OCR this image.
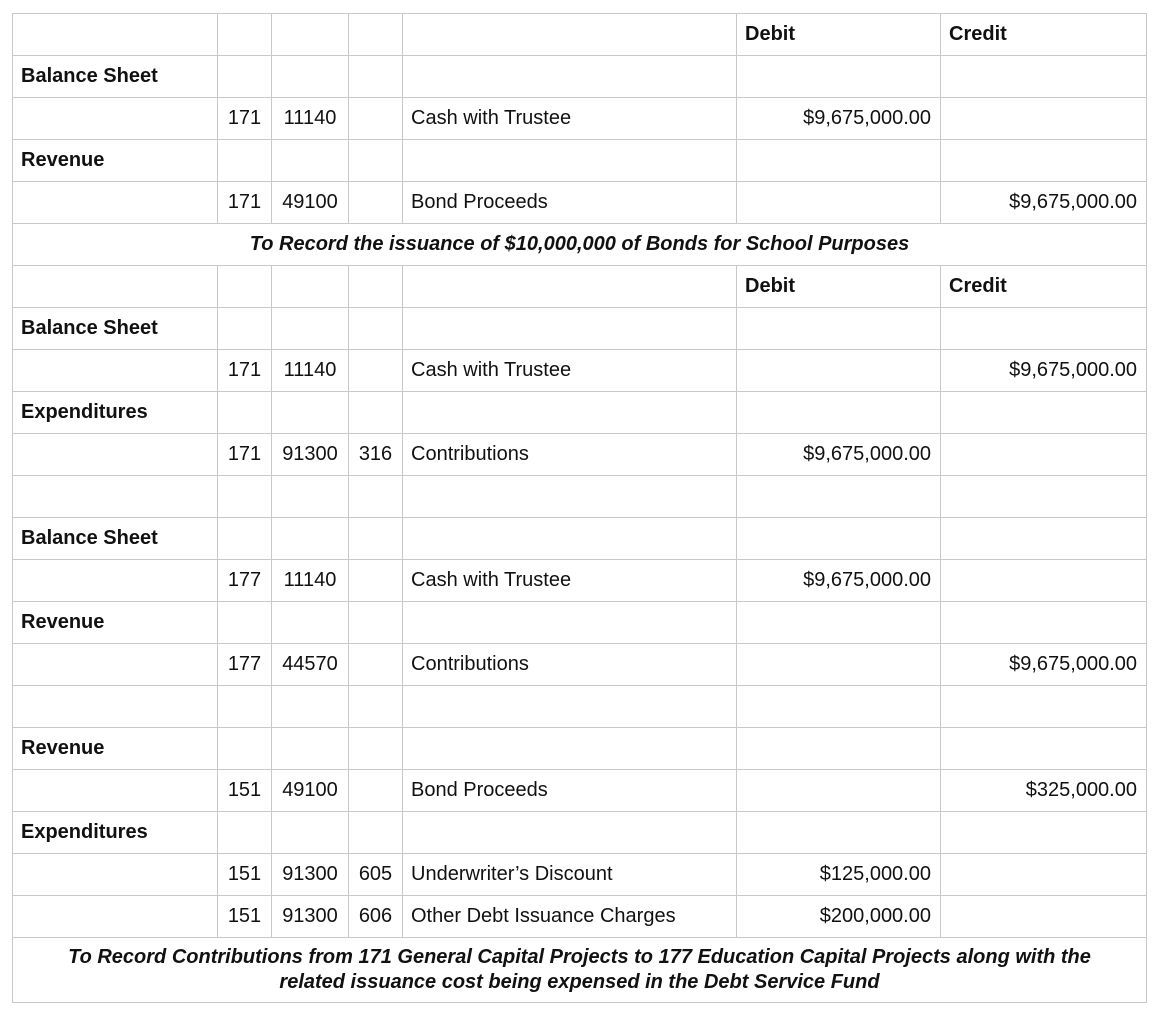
					Debit	Credit
Balance Sheet						
	171	11140		Cash with Trustee	$9,675,000.00	
Revenue						
	171	49100		Bond Proceeds		$9,675,000.00
To Record the issuance of $10,000,000 of Bonds for School Purposes						
					Debit	Credit
Balance Sheet						
	171	11140		Cash with Trustee		$9,675,000.00
Expenditures						
	171	91300	316	Contributions	$9,675,000.00	

Balance Sheet						
	177	11140		Cash with Trustee	$9,675,000.00	
Revenue						
	177	44570		Contributions		$9,675,000.00

Revenue						
	151	49100		Bond Proceeds		$325,000.00
Expenditures						
	151	91300	605	Underwriter’s Discount	$125,000.00	
	151	91300	606	Other Debt Issuance Charges	$200,000.00	
To Record Contributions from 171 General Capital Projects to 177 Education Capital Projects along with the related issuance cost being expensed in the Debt Service Fund						
